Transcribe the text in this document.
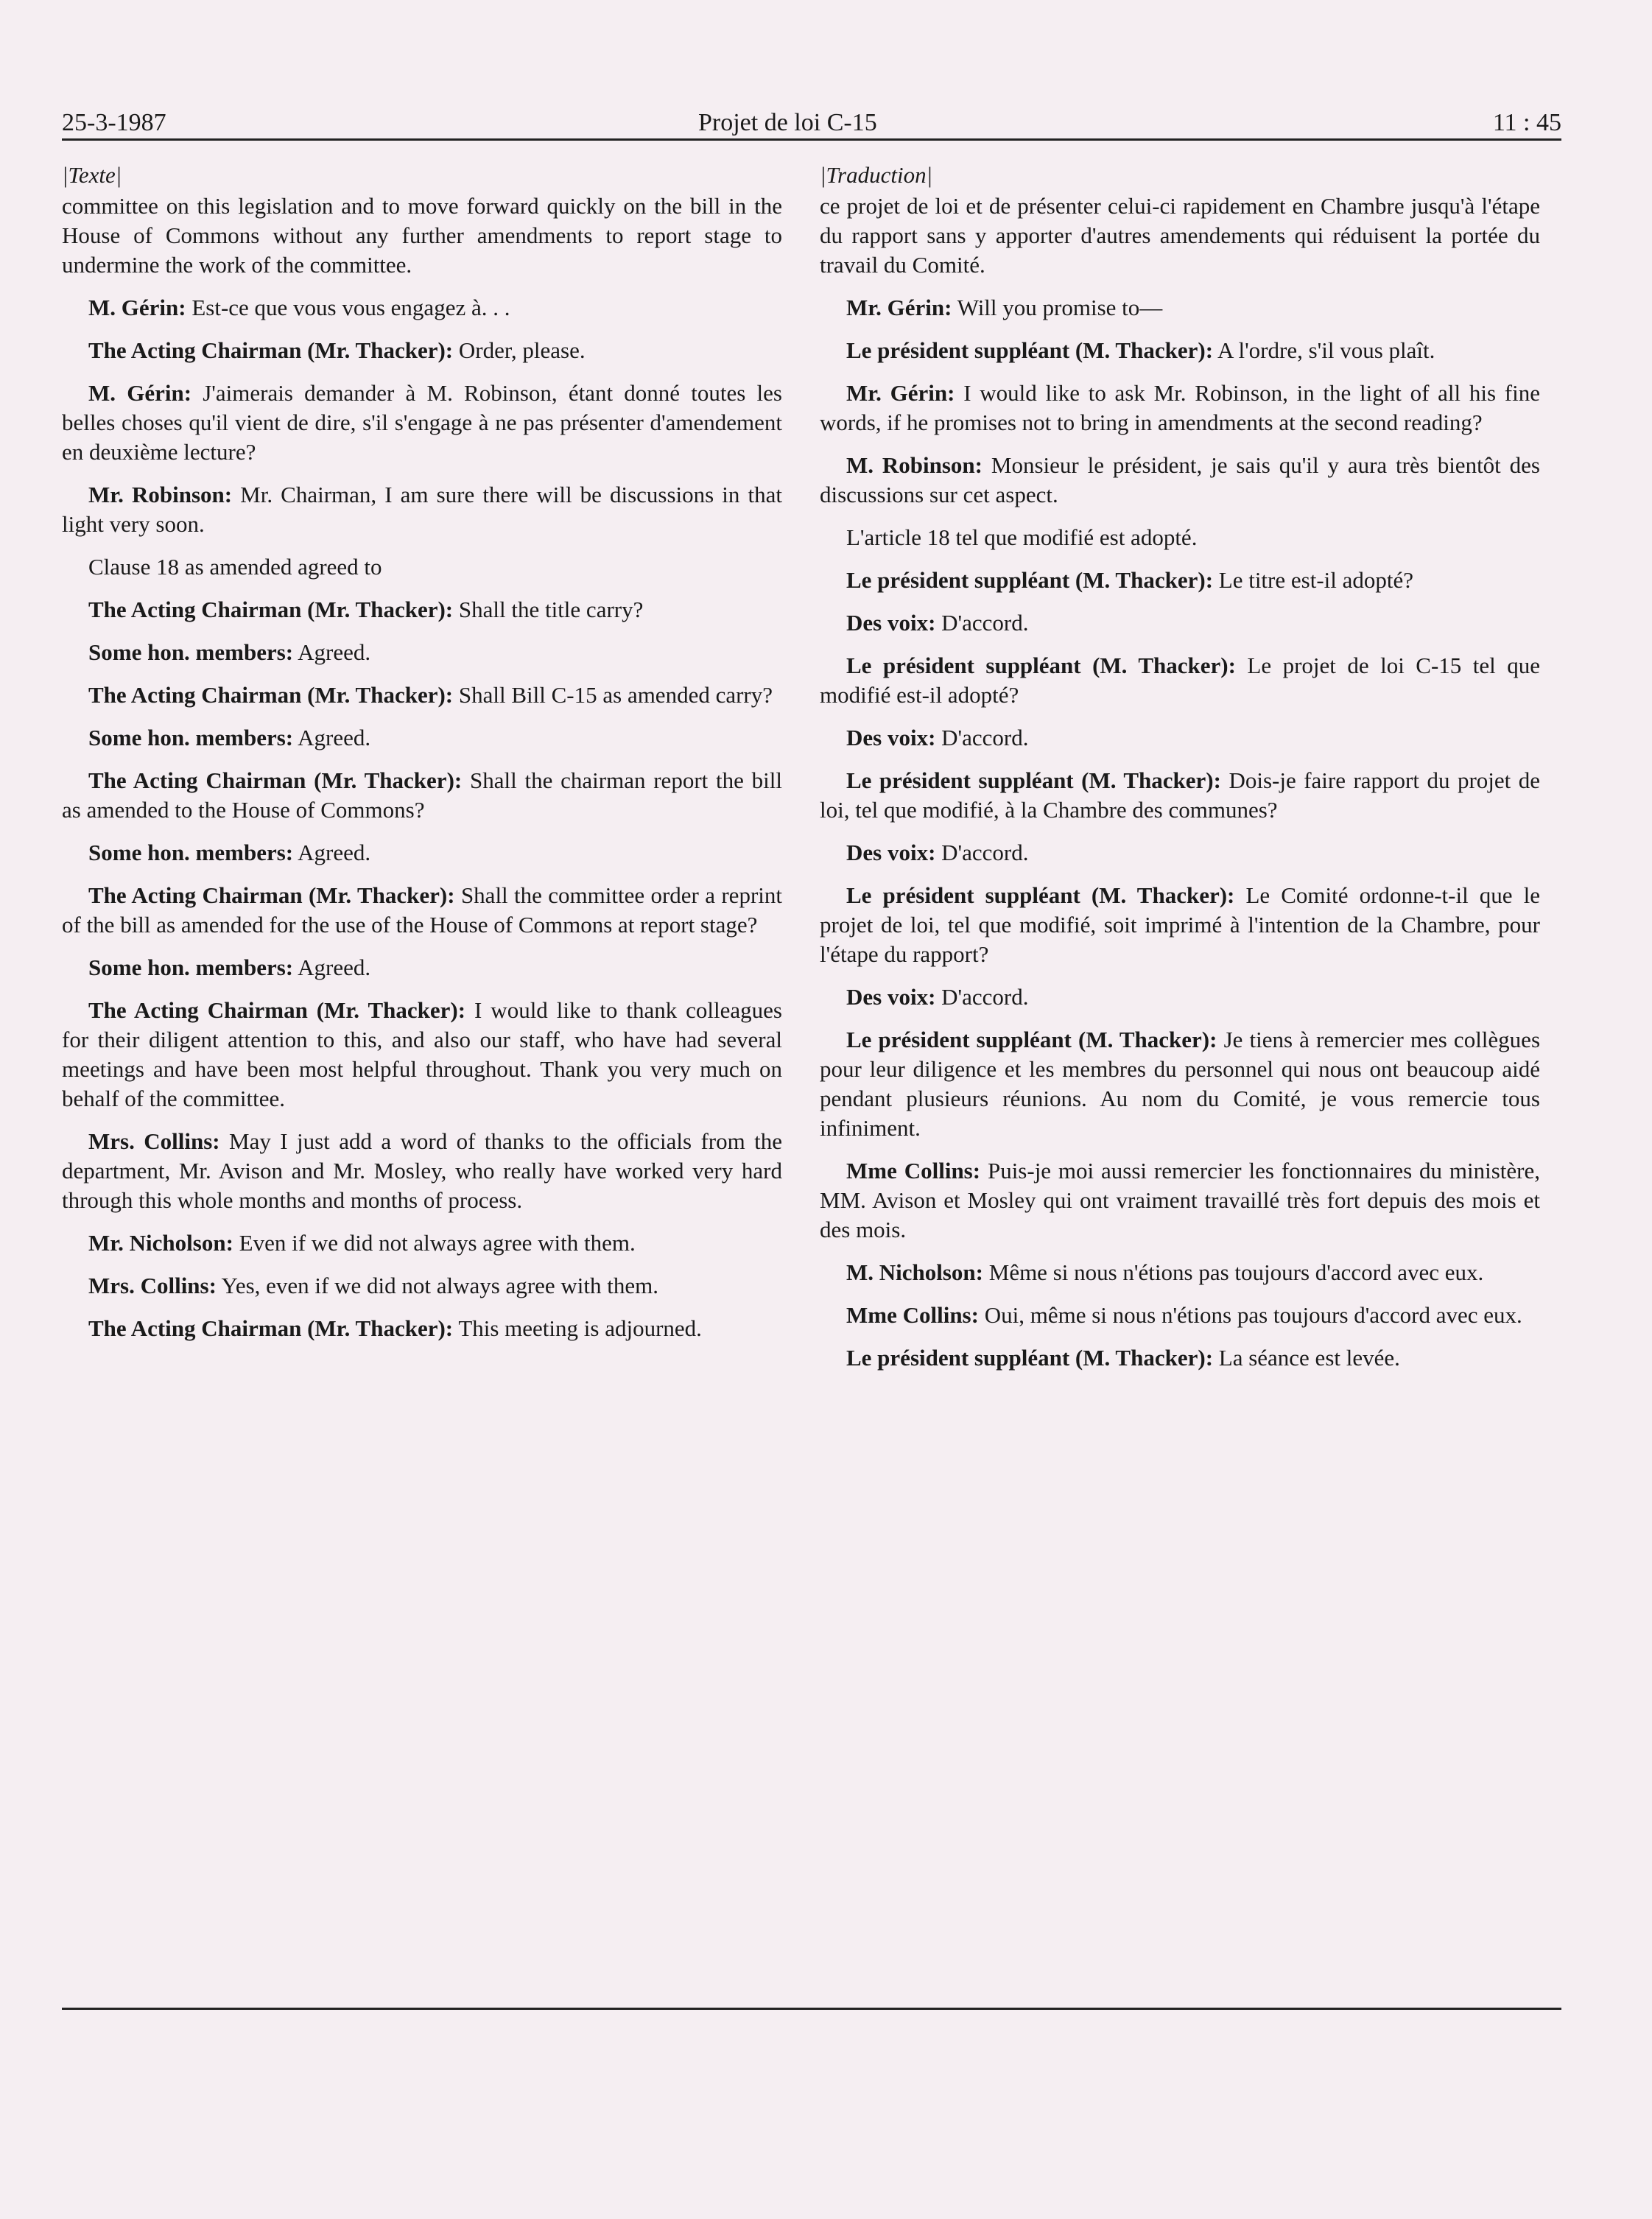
25-3-1987	Projet de loi C-15	11 : 45
|Texte|

committee on this legislation and to move forward quickly on the bill in the House of Commons without any further amendments to report stage to undermine the work of the committee.

M. Gérin: Est-ce que vous vous engagez à. . .

The Acting Chairman (Mr. Thacker): Order, please.

M. Gérin: J'aimerais demander à M. Robinson, étant donné toutes les belles choses qu'il vient de dire, s'il s'engage à ne pas présenter d'amendement en deuxième lecture?

Mr. Robinson: Mr. Chairman, I am sure there will be discussions in that light very soon.

Clause 18 as amended agreed to

The Acting Chairman (Mr. Thacker): Shall the title carry?

Some hon. members: Agreed.

The Acting Chairman (Mr. Thacker): Shall Bill C-15 as amended carry?

Some hon. members: Agreed.

The Acting Chairman (Mr. Thacker): Shall the chairman report the bill as amended to the House of Commons?

Some hon. members: Agreed.

The Acting Chairman (Mr. Thacker): Shall the committee order a reprint of the bill as amended for the use of the House of Commons at report stage?

Some hon. members: Agreed.

The Acting Chairman (Mr. Thacker): I would like to thank colleagues for their diligent attention to this, and also our staff, who have had several meetings and have been most helpful throughout. Thank you very much on behalf of the committee.

Mrs. Collins: May I just add a word of thanks to the officials from the department, Mr. Avison and Mr. Mosley, who really have worked very hard through this whole months and months of process.

Mr. Nicholson: Even if we did not always agree with them.

Mrs. Collins: Yes, even if we did not always agree with them.

The Acting Chairman (Mr. Thacker): This meeting is adjourned.

|Traduction|

ce projet de loi et de présenter celui-ci rapidement en Chambre jusqu'à l'étape du rapport sans y apporter d'autres amendements qui réduisent la portée du travail du Comité.

Mr. Gérin: Will you promise to—

Le président suppléant (M. Thacker): A l'ordre, s'il vous plaît.

Mr. Gérin: I would like to ask Mr. Robinson, in the light of all his fine words, if he promises not to bring in amendments at the second reading?

M. Robinson: Monsieur le président, je sais qu'il y aura très bientôt des discussions sur cet aspect.

L'article 18 tel que modifié est adopté.

Le président suppléant (M. Thacker): Le titre est-il adopté?

Des voix: D'accord.

Le président suppléant (M. Thacker): Le projet de loi C-15 tel que modifié est-il adopté?

Des voix: D'accord.

Le président suppléant (M. Thacker): Dois-je faire rapport du projet de loi, tel que modifié, à la Chambre des communes?

Des voix: D'accord.

Le président suppléant (M. Thacker): Le Comité ordonne-t-il que le projet de loi, tel que modifié, soit imprimé à l'intention de la Chambre, pour l'étape du rapport?

Des voix: D'accord.

Le président suppléant (M. Thacker): Je tiens à remercier mes collègues pour leur diligence et les membres du personnel qui nous ont beaucoup aidé pendant plusieurs réunions. Au nom du Comité, je vous remercie tous infiniment.

Mme Collins: Puis-je moi aussi remercier les fonctionnaires du ministère, MM. Avison et Mosley qui ont vraiment travaillé très fort depuis des mois et des mois.

M. Nicholson: Même si nous n'étions pas toujours d'accord avec eux.

Mme Collins: Oui, même si nous n'étions pas toujours d'accord avec eux.

Le président suppléant (M. Thacker): La séance est levée.
